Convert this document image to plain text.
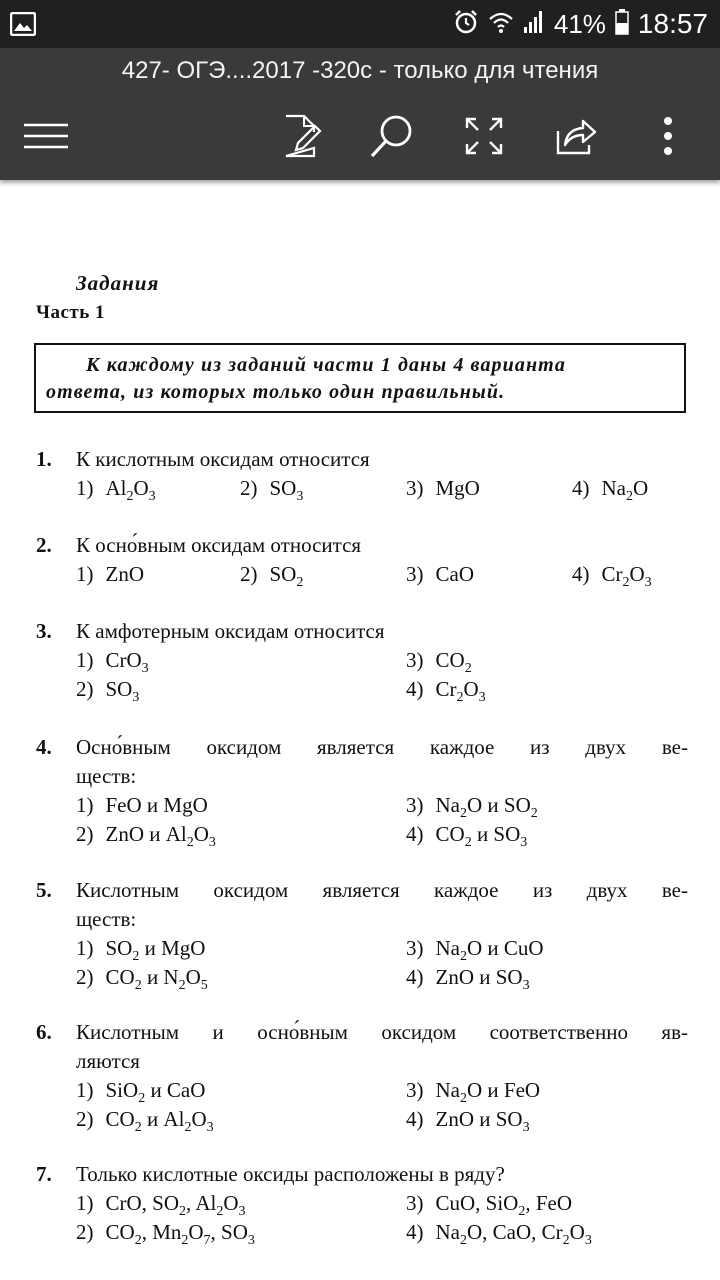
41% 18:57
427- ОГЭ....2017 -320с - только для чтения
Задания
Часть 1
К каждому из заданий части 1 даны 4 варианта
ответа, из которых только один правильный.
1. К кислотным оксидам относится
1) $Al_2O_3$	2) $SO_3$	3) MgO	4) $Na_2O$
2. К осно́вным оксидам относится
1) ZnO	2) $SO_2$	3) CaO	4) $Cr_2O_3$
3. К амфотерным оксидам относится
1) CrO$_3$	3) $CO_2$
2) $SO_3$	4) $Cr_2O_3$
4. Осно́вным оксидом является каждое из двух ве-
ществ:
1) FeO и MgO	3) $Na_2O$ и $SO_2$
2) ZnO и $Al_2O_3$	4) $CO_2$ и $SO_3$
5. Кислотным оксидом является каждое из двух ве-
ществ:
1) $SO_2$ и MgO	3) $Na_2O$ и CuO
2) $CO_2$ и $N_2O_5$	4) ZnO и $SO_3$
6. Кислотным и осно́вным оксидом соответственно яв-
ляются
1) SiO$_2$ и CaO	3) $Na_2O$ и FeO
2) $CO_2$ и $Al_2O_3$	4) ZnO и $SO_3$
7. Только кислотные оксиды расположены в ряду?
1) CrO, $SO_2$, $Al_2O_3$	3) CuO, SiO$_2$, FeO
2) $CO_2$, $Mn_2O_7$, $SO_3$	4) $Na_2O$, CaO, $Cr_2O_3$
